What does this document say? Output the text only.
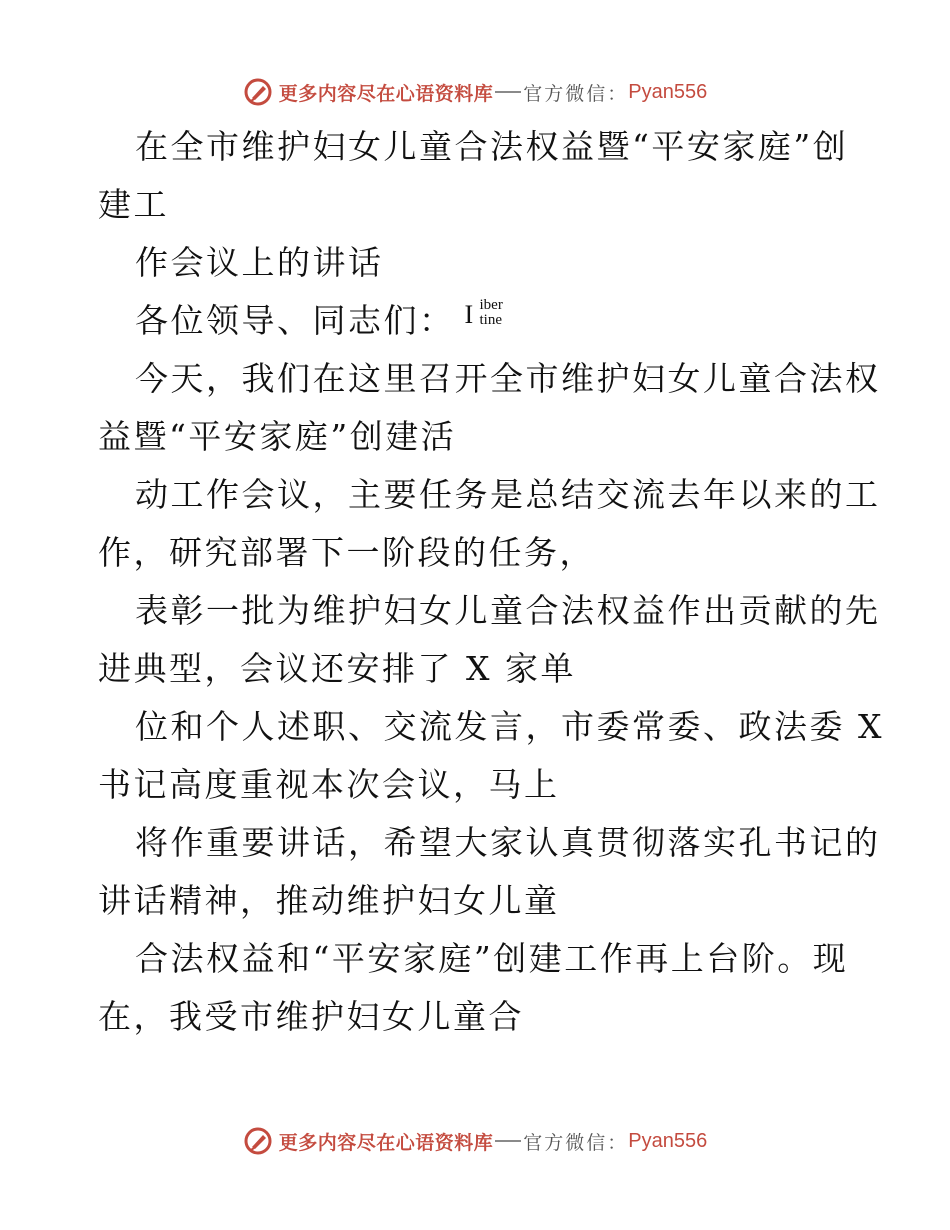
更多内容尽在心语资料库 官方微信： Pyan556
在全市维护妇女儿童合法权益暨“平安家庭”创
建工
作会议上的讲话
各位领导、同志们： I iber
tine
今天，我们在这里召开全市维护妇女儿童合法权
益暨“平安家庭”创建活
动工作会议，主要任务是总结交流去年以来的工
作，研究部署下一阶段的任务，
表彰一批为维护妇女儿童合法权益作出贡献的先
进典型，会议还安排了 X 家单
位和个人述职、交流发言，市委常委、政法委 X
书记高度重视本次会议，马上
将作重要讲话，希望大家认真贯彻落实孔书记的
讲话精神，推动维护妇女儿童
合法权益和“平安家庭”创建工作再上台阶。现
在，我受市维护妇女儿童合
更多内容尽在心语资料库 官方微信： Pyan556
